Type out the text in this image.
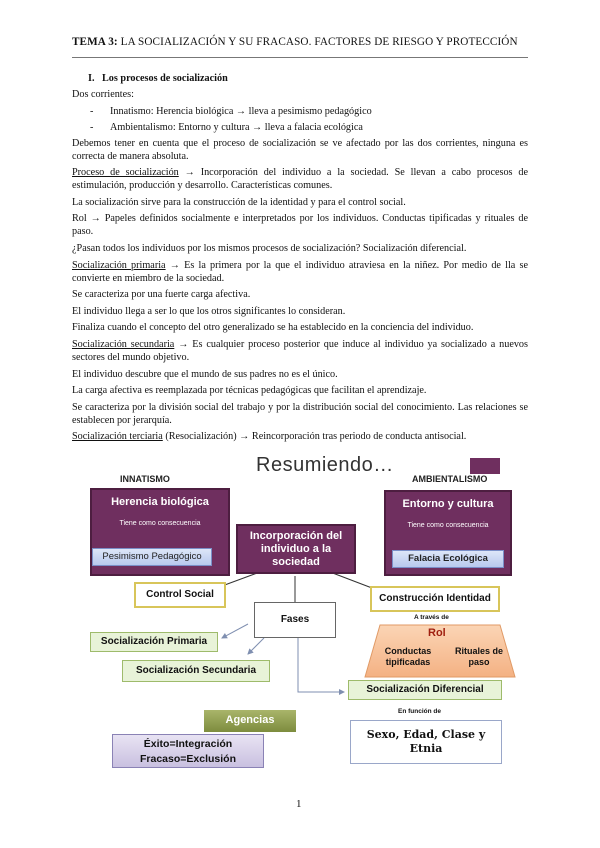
TEMA 3: LA SOCIALIZACIÓN Y SU FRACASO. FACTORES DE RIESGO Y PROTECCIÓN
I. Los procesos de socialización

Dos corrientes:

-	Innatismo: Herencia biológica → lleva a pesimismo pedagógico
-	Ambientalismo: Entorno y cultura → lleva a falacia ecológica

Debemos tener en cuenta que el proceso de socialización se ve afectado por las dos corrientes, ninguna es correcta de manera absoluta.

Proceso de socialización → Incorporación del individuo a la sociedad. Se llevan a cabo procesos de estimulación, producción y desarrollo. Características comunes.

La socialización sirve para la construcción de la identidad y para el control social.

Rol → Papeles definidos socialmente e interpretados por los individuos. Conductas tipificadas y rituales de paso.

¿Pasan todos los individuos por los mismos procesos de socialización? Socialización diferencial.

Socialización primaria → Es la primera por la que el individuo atraviesa en la niñez. Por medio de lla se convierte en miembro de la sociedad.

Se caracteriza por una fuerte carga afectiva.

El individuo llega a ser lo que los otros significantes lo consideran.

Finaliza cuando el concepto del otro generalizado se ha establecido en la conciencia del individuo.

Socialización secundaria → Es cualquier proceso posterior que induce al individuo ya socializado a nuevos sectores del mundo objetivo.

El individuo descubre que el mundo de sus padres no es el único.

La carga afectiva es reemplazada por técnicas pedagógicas que facilitan el aprendizaje.

Se caracteriza por la división social del trabajo y por la distribución social del conocimiento. Las relaciones se establecen por jerarquía.

Socialización terciaria (Resocialización) → Reincorporación tras periodo de conducta antisocial.

Resumiendo…
INNATISMO	AMBIENTALISMO
Herencia biológica
Tiene como consecuencia
Pesimismo Pedagógico
Entorno y cultura
Tiene como consecuencia
Falacia Ecológica
Incorporación del individuo a la sociedad
Control Social	Construcción Identidad
Fases	A través de
Rol
Conductas tipificadas
Rituales de paso
Socialización Primaria
Socialización Secundaria
Socialización Diferencial
Agencias
En función de
Sexo, Edad, Clase y Etnia
Éxito=Integración
Fracaso=Exclusión
1
